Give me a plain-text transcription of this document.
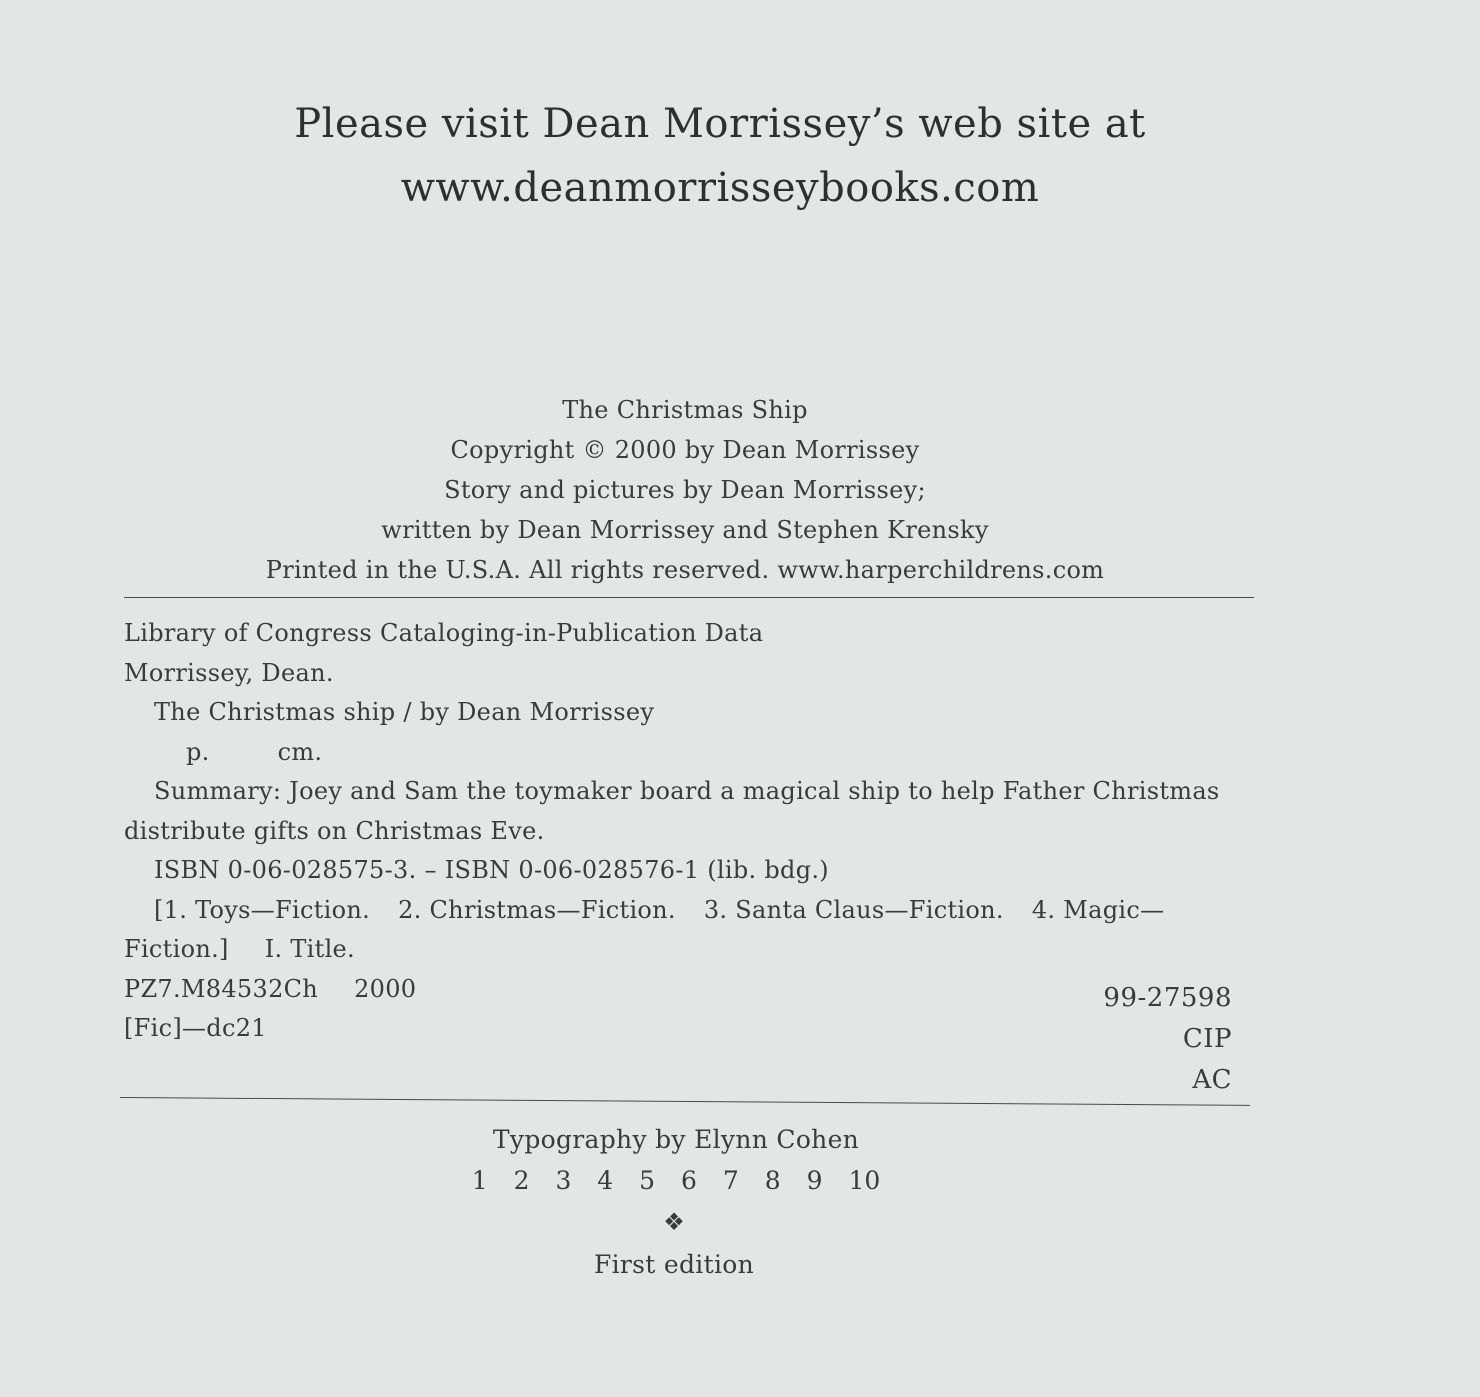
Please visit Dean Morrissey’s web site at
www.deanmorrisseybooks.com
The Christmas Ship
Copyright © 2000 by Dean Morrissey
Story and pictures by Dean Morrissey;
written by Dean Morrissey and Stephen Krensky
Printed in the U.S.A. All rights reserved. www.harperchildrens.com
Library of Congress Cataloging-in-Publication Data
Morrissey, Dean.
The Christmas ship / by Dean Morrissey
p.	cm.
Summary: Joey and Sam the toymaker board a magical ship to help Father Christmas
distribute gifts on Christmas Eve.
ISBN 0-06-028575-3. – ISBN 0-06-028576-1 (lib. bdg.)
[1. Toys—Fiction. 2. Christmas—Fiction. 3. Santa Claus—Fiction. 4. Magic—
Fiction.] I. Title.
PZ7.M84532Ch 2000
[Fic]—dc21
99-27598
CIP
AC
Typography by Elynn Cohen
1 2 3 4 5 6 7 8 9 10
❖
First edition
